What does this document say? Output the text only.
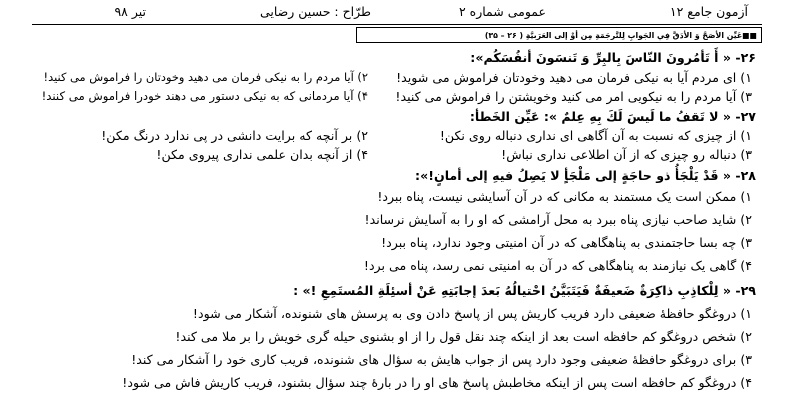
آزمون جامع ۱۲
عمومی شماره ۲
طرّاح : حسین رضایی
تیر ۹۸
■■عَیِّن الأصَحَّ وَ الأدَقَّ فِي الجَوابِ لِلتَّرجَمَةِ مِن أوْ إلی العَرَبیَّةِ ( ۲۶ – ۳۵)
۲۶- « أَ تَأمُرونَ النّاسَ بِالبِرِّ وَ تَنسَونَ أنفُسَكُم»:
۱) ای مردم آیا به نیکی فرمان می دهید وخودتان فراموش می شوید!
۲) آیا مردم را به نیکی فرمان می دهید وخودتان را فراموش می کنید!
۳) آیا مردم را به نیکویی امر می کنید وخویشتن را فراموش می کنید!
۴) آیا مردمانی که به نیکی دستور می دهند خودرا فراموش می کنند!
۲۷- « لا تَقفُ ما لَیسَ لَكَ بِهِ عِلمٌ »: عَیِّن الخَطأ:
۱) از چیزی که نسبت به آن آگاهی ای نداری دنباله روی نکن!
۲) بر آنچه که برایت دانشی در پی ندارد درنگ مکن!
۳) دنباله رو چیزی که از آن اطلاعی نداری نباش!
۴) از آنچه بدان علمی نداری پیروی مکن!
۲۸- « قَدْ یَلْجَأُ ذو حاجَةٍ إلی مَلْجَأٍ لا یَصِلُ فیهِ إلی أمانٍ!»:
۱) ممکن است یک مستمند به مکانی که در آن آسایشی نیست، پناه ببرد!
۲) شاید صاحب نیازی پناه ببرد به محل آرامشی که او را به آسایش نرساند!
۳) چه بسا حاجتمندی به پناهگاهی که در آن امنیتی وجود ندارد، پناه ببرد!
۴) گاهی یک نیازمند به پناهگاهی که در آن به امنیتی نمی رسد، پناه می برد!
۲۹- « لِلْكاذِبِ ذاكِرَةٌ ضَعیفَةٌ فَیَتَبَیَّنُ احْتیالُهُ بَعدَ إجابَتِهِ عَنْ أسئِلَةِ المُستَمِعِ !» :
۱) دروغگو حافظهٔ ضعیفی دارد فریب کاریش پس از پاسخ دادن وی به پرسش های شنونده، آشکار می شود!
۲) شخص دروغگو کم حافظه است بعد از اینکه چند نقل قول را از او بشنوی حیله گری خویش را بر ملا می کند!
۳) برای دروغگو حافظهٔ ضعیفی وجود دارد پس از جواب هایش به سؤال های شنونده، فریب کاری خود را آشکار می کند!
۴) دروغگو کم حافظه است پس از اینکه مخاطبش پاسخ های او را در بارهٔ چند سؤال بشنود، فریب کاریش فاش می شود!
